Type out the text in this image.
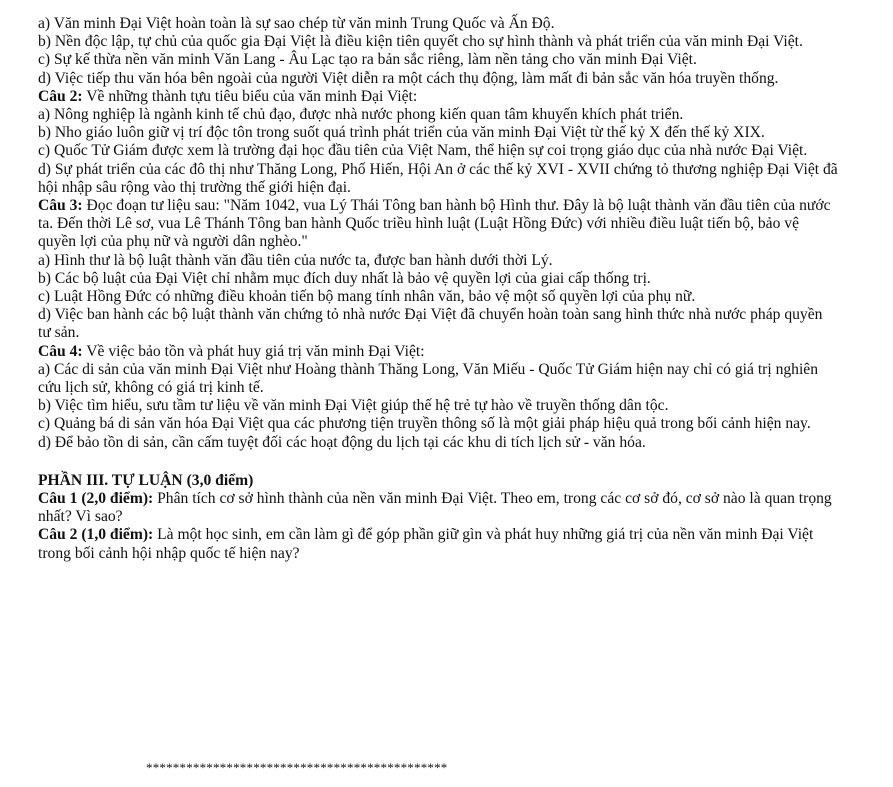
a) Văn minh Đại Việt hoàn toàn là sự sao chép từ văn minh Trung Quốc và Ấn Độ.

b) Nền độc lập, tự chủ của quốc gia Đại Việt là điều kiện tiên quyết cho sự hình thành và phát triển của văn minh Đại Việt.

c) Sự kế thừa nền văn minh Văn Lang - Âu Lạc tạo ra bản sắc riêng, làm nền tảng cho văn minh Đại Việt.

d) Việc tiếp thu văn hóa bên ngoài của người Việt diễn ra một cách thụ động, làm mất đi bản sắc văn hóa truyền thống.

Câu 2: Về những thành tựu tiêu biểu của văn minh Đại Việt:

a) Nông nghiệp là ngành kinh tế chủ đạo, được nhà nước phong kiến quan tâm khuyến khích phát triển.

b) Nho giáo luôn giữ vị trí độc tôn trong suốt quá trình phát triển của văn minh Đại Việt từ thế kỷ X đến thế kỷ XIX.

c) Quốc Tử Giám được xem là trường đại học đầu tiên của Việt Nam, thể hiện sự coi trọng giáo dục của nhà nước Đại Việt.

d) Sự phát triển của các đô thị như Thăng Long, Phố Hiến, Hội An ở các thế kỷ XVI - XVII chứng tỏ thương nghiệp Đại Việt đã hội nhập sâu rộng vào thị trường thế giới hiện đại.

Câu 3: Đọc đoạn tư liệu sau: "Năm 1042, vua Lý Thái Tông ban hành bộ Hình thư. Đây là bộ luật thành văn đầu tiên của nước ta. Đến thời Lê sơ, vua Lê Thánh Tông ban hành Quốc triều hình luật (Luật Hồng Đức) với nhiều điều luật tiến bộ, bảo vệ quyền lợi của phụ nữ và người dân nghèo."

a) Hình thư là bộ luật thành văn đầu tiên của nước ta, được ban hành dưới thời Lý.

b) Các bộ luật của Đại Việt chỉ nhằm mục đích duy nhất là bảo vệ quyền lợi của giai cấp thống trị.

c) Luật Hồng Đức có những điều khoản tiến bộ mang tính nhân văn, bảo vệ một số quyền lợi của phụ nữ.

d) Việc ban hành các bộ luật thành văn chứng tỏ nhà nước Đại Việt đã chuyển hoàn toàn sang hình thức nhà nước pháp quyền tư sản.

Câu 4: Về việc bảo tồn và phát huy giá trị văn minh Đại Việt:

a) Các di sản của văn minh Đại Việt như Hoàng thành Thăng Long, Văn Miếu - Quốc Tử Giám hiện nay chỉ có giá trị nghiên cứu lịch sử, không có giá trị kinh tế.

b) Việc tìm hiểu, sưu tầm tư liệu về văn minh Đại Việt giúp thế hệ trẻ tự hào về truyền thống dân tộc.

c) Quảng bá di sản văn hóa Đại Việt qua các phương tiện truyền thông số là một giải pháp hiệu quả trong bối cảnh hiện nay.

d) Để bảo tồn di sản, cần cấm tuyệt đối các hoạt động du lịch tại các khu di tích lịch sử - văn hóa.

PHẦN III. TỰ LUẬN (3,0 điểm)

Câu 1 (2,0 điểm): Phân tích cơ sở hình thành của nền văn minh Đại Việt. Theo em, trong các cơ sở đó, cơ sở nào là quan trọng nhất? Vì sao?

Câu 2 (1,0 điểm): Là một học sinh, em cần làm gì để góp phần giữ gìn và phát huy những giá trị của nền văn minh Đại Việt trong bối cảnh hội nhập quốc tế hiện nay?

*********************************************
